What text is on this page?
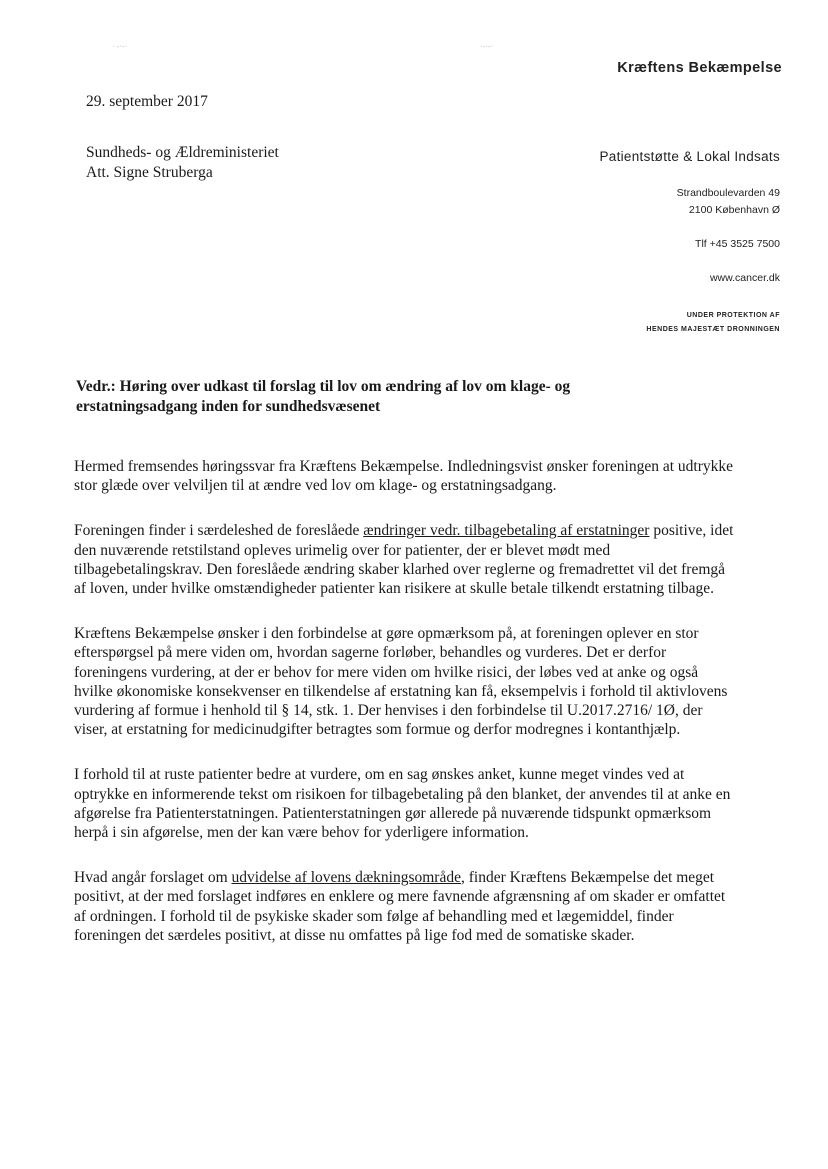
· -·‐·	·-·‐·
Kræftens Bekæmpelse
29. september 2017
Sundheds- og Ældreministeriet
Att. Signe Struberga
Patientstøtte & Lokal Indsats
Strandboulevarden 49
2100 København Ø
Tlf +45 3525 7500
www.cancer.dk
UNDER PROTEKTION AF
HENDES MAJESTÆT DRONNINGEN
Vedr.: Høring over udkast til forslag til lov om ændring af lov om klage- og erstatningsadgang inden for sundhedsvæsenet

Hermed fremsendes høringssvar fra Kræftens Bekæmpelse. Indledningsvist ønsker foreningen at udtrykke stor glæde over velviljen til at ændre ved lov om klage- og erstatningsadgang.

Foreningen finder i særdeleshed de foreslåede ændringer vedr. tilbagebetaling af erstatninger positive, idet den nuværende retstilstand opleves urimelig over for patienter, der er blevet mødt med tilbagebetalingskrav. Den foreslåede ændring skaber klarhed over reglerne og fremadrettet vil det fremgå af loven, under hvilke omstændigheder patienter kan risikere at skulle betale tilkendt erstatning tilbage.

Kræftens Bekæmpelse ønsker i den forbindelse at gøre opmærksom på, at foreningen oplever en stor efterspørgsel på mere viden om, hvordan sagerne forløber, behandles og vurderes. Det er derfor foreningens vurdering, at der er behov for mere viden om hvilke risici, der løbes ved at anke og også hvilke økonomiske konsekvenser en tilkendelse af erstatning kan få, eksempelvis i forhold til aktivlovens vurdering af formue i henhold til § 14, stk. 1. Der henvises i den forbindelse til U.2017.2716/ 1Ø, der viser, at erstatning for medicinudgifter betragtes som formue og derfor modregnes i kontanthjælp.

I forhold til at ruste patienter bedre at vurdere, om en sag ønskes anket, kunne meget vindes ved at optrykke en informerende tekst om risikoen for tilbagebetaling på den blanket, der anvendes til at anke en afgørelse fra Patienterstatningen. Patienterstatningen gør allerede på nuværende tidspunkt opmærksom herpå i sin afgørelse, men der kan være behov for yderligere information.

Hvad angår forslaget om udvidelse af lovens dækningsområde, finder Kræftens Bekæmpelse det meget positivt, at der med forslaget indføres en enklere og mere favnende afgrænsning af om skader er omfattet af ordningen. I forhold til de psykiske skader som følge af behandling med et lægemiddel, finder foreningen det særdeles positivt, at disse nu omfattes på lige fod med de somatiske skader.
